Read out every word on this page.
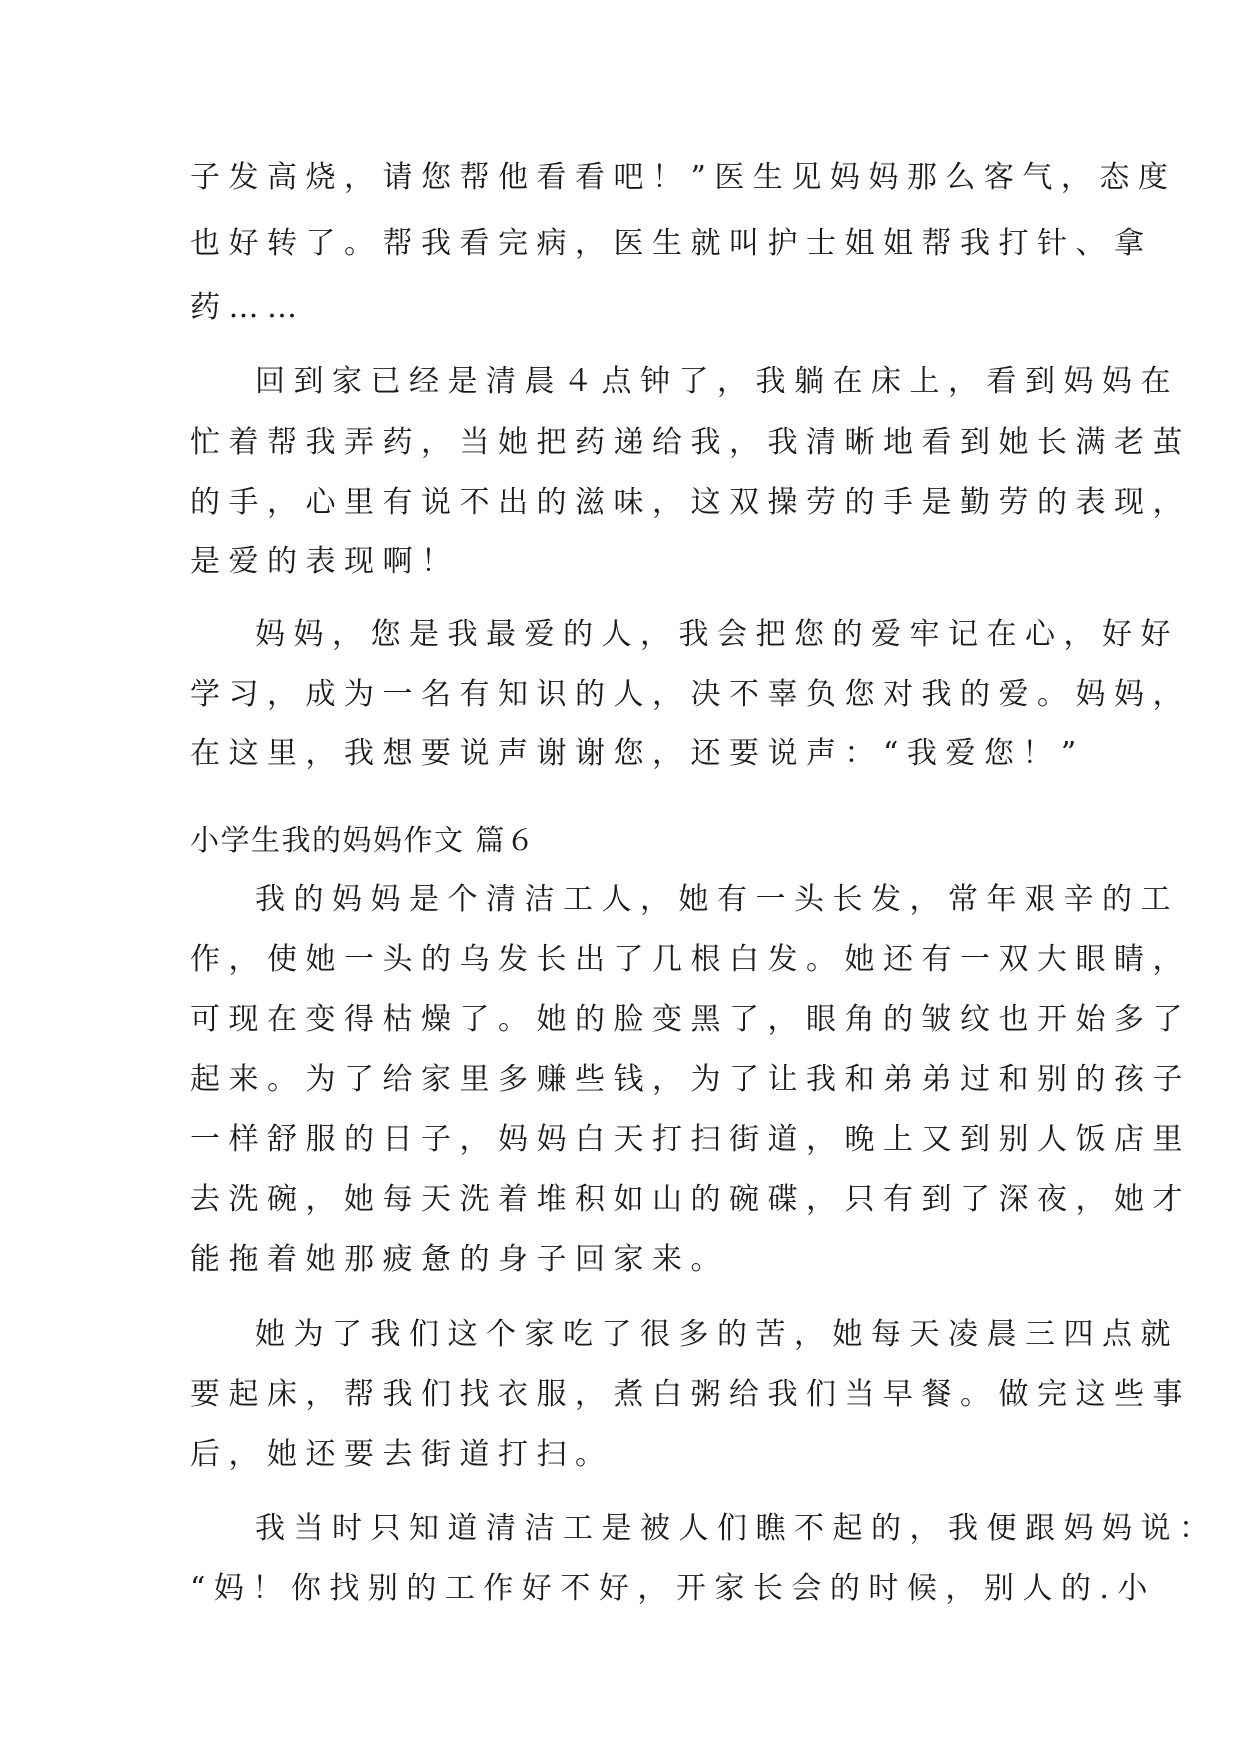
子发高烧，请您帮他看看吧！”医生见妈妈那么客气，态度
也好转了。帮我看完病，医生就叫护士姐姐帮我打针、拿
药……
回到家已经是清晨４点钟了，我躺在床上，看到妈妈在
忙着帮我弄药，当她把药递给我，我清晰地看到她长满老茧
的手，心里有说不出的滋味，这双操劳的手是勤劳的表现，
是爱的表现啊！
妈妈，您是我最爱的人，我会把您的爱牢记在心，好好
学习，成为一名有知识的人，决不辜负您对我的爱。妈妈，
在这里，我想要说声谢谢您，还要说声：“我爱您！”
小学生我的妈妈作文 篇６
我的妈妈是个清洁工人，她有一头长发，常年艰辛的工
作，使她一头的乌发长出了几根白发。她还有一双大眼睛，
可现在变得枯燥了。她的脸变黑了，眼角的皱纹也开始多了
起来。为了给家里多赚些钱，为了让我和弟弟过和别的孩子
一样舒服的日子，妈妈白天打扫街道，晚上又到别人饭店里
去洗碗，她每天洗着堆积如山的碗碟，只有到了深夜，她才
能拖着她那疲惫的身子回家来。
她为了我们这个家吃了很多的苦，她每天凌晨三四点就
要起床，帮我们找衣服，煮白粥给我们当早餐。做完这些事
后，她还要去街道打扫。
我当时只知道清洁工是被人们瞧不起的，我便跟妈妈说：
“妈！你找别的工作好不好，开家长会的时候，别人的.小
